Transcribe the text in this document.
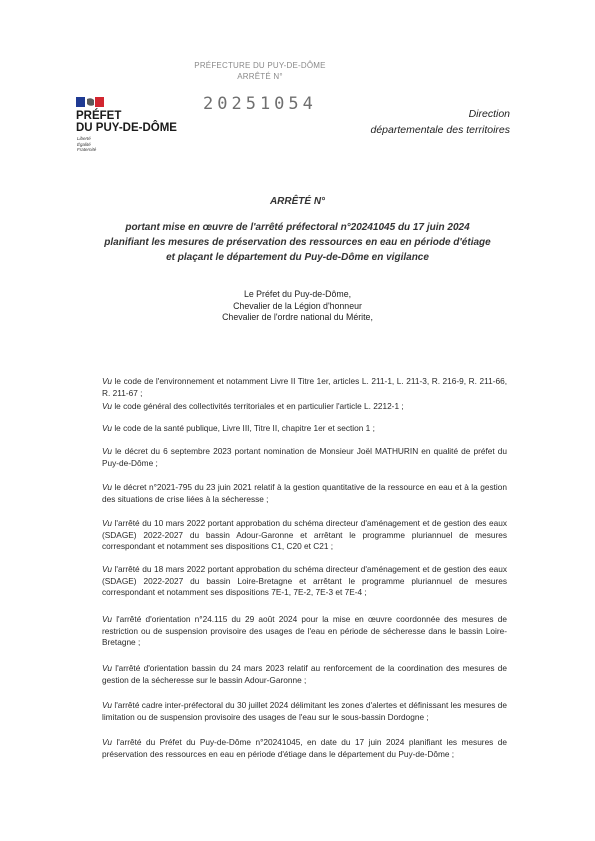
PRÉFECTURE DU PUY-DE-DÔME
ARRÊTÉ N°
20251054
PRÉFET
DU PUY-DE-DÔME
Liberté
Égalité
Fraternité
Direction
départementale des territoires
ARRÊTÉ N°
portant mise en œuvre de l'arrêté préfectoral n°20241045 du 17 juin 2024
planifiant les mesures de préservation des ressources en eau en période d'étiage
et plaçant le département du Puy-de-Dôme en vigilance
Le Préfet du Puy-de-Dôme,
Chevalier de la Légion d'honneur
Chevalier de l'ordre national du Mérite,
Vu le code de l'environnement et notamment Livre II Titre 1er, articles L. 211-1, L. 211-3, R. 216-9, R. 211-66, R. 211-67 ;
Vu le code général des collectivités territoriales et en particulier l'article L. 2212-1 ;
Vu le code de la santé publique, Livre III, Titre II, chapitre 1er et section 1 ;
Vu le décret du 6 septembre 2023 portant nomination de Monsieur Joël MATHURIN en qualité de préfet du Puy-de-Dôme ;
Vu le décret n°2021-795 du 23 juin 2021 relatif à la gestion quantitative de la ressource en eau et à la gestion des situations de crise liées à la sécheresse ;
Vu l'arrêté du 10 mars 2022 portant approbation du schéma directeur d'aménagement et de gestion des eaux (SDAGE) 2022-2027 du bassin Adour-Garonne et arrêtant le programme pluriannuel de mesures correspondant et notamment ses dispositions C1, C20 et C21 ;
Vu l'arrêté du 18 mars 2022 portant approbation du schéma directeur d'aménagement et de gestion des eaux (SDAGE) 2022-2027 du bassin Loire-Bretagne et arrêtant le programme pluriannuel de mesures correspondant et notamment ses dispositions 7E-1, 7E-2, 7E-3 et 7E-4 ;
Vu l'arrêté d'orientation n°24.115 du 29 août 2024 pour la mise en œuvre coordonnée des mesures de restriction ou de suspension provisoire des usages de l'eau en période de sécheresse dans le bassin Loire-Bretagne ;
Vu l'arrêté d'orientation bassin du 24 mars 2023 relatif au renforcement de la coordination des mesures de gestion de la sécheresse sur le bassin Adour-Garonne ;
Vu l'arrêté cadre inter-préfectoral du 30 juillet 2024 délimitant les zones d'alertes et définissant les mesures de limitation ou de suspension provisoire des usages de l'eau sur le sous-bassin Dordogne ;
Vu l'arrêté du Préfet du Puy-de-Dôme n°20241045, en date du 17 juin 2024 planifiant les mesures de préservation des ressources en eau en période d'étiage dans le département du Puy-de-Dôme ;
